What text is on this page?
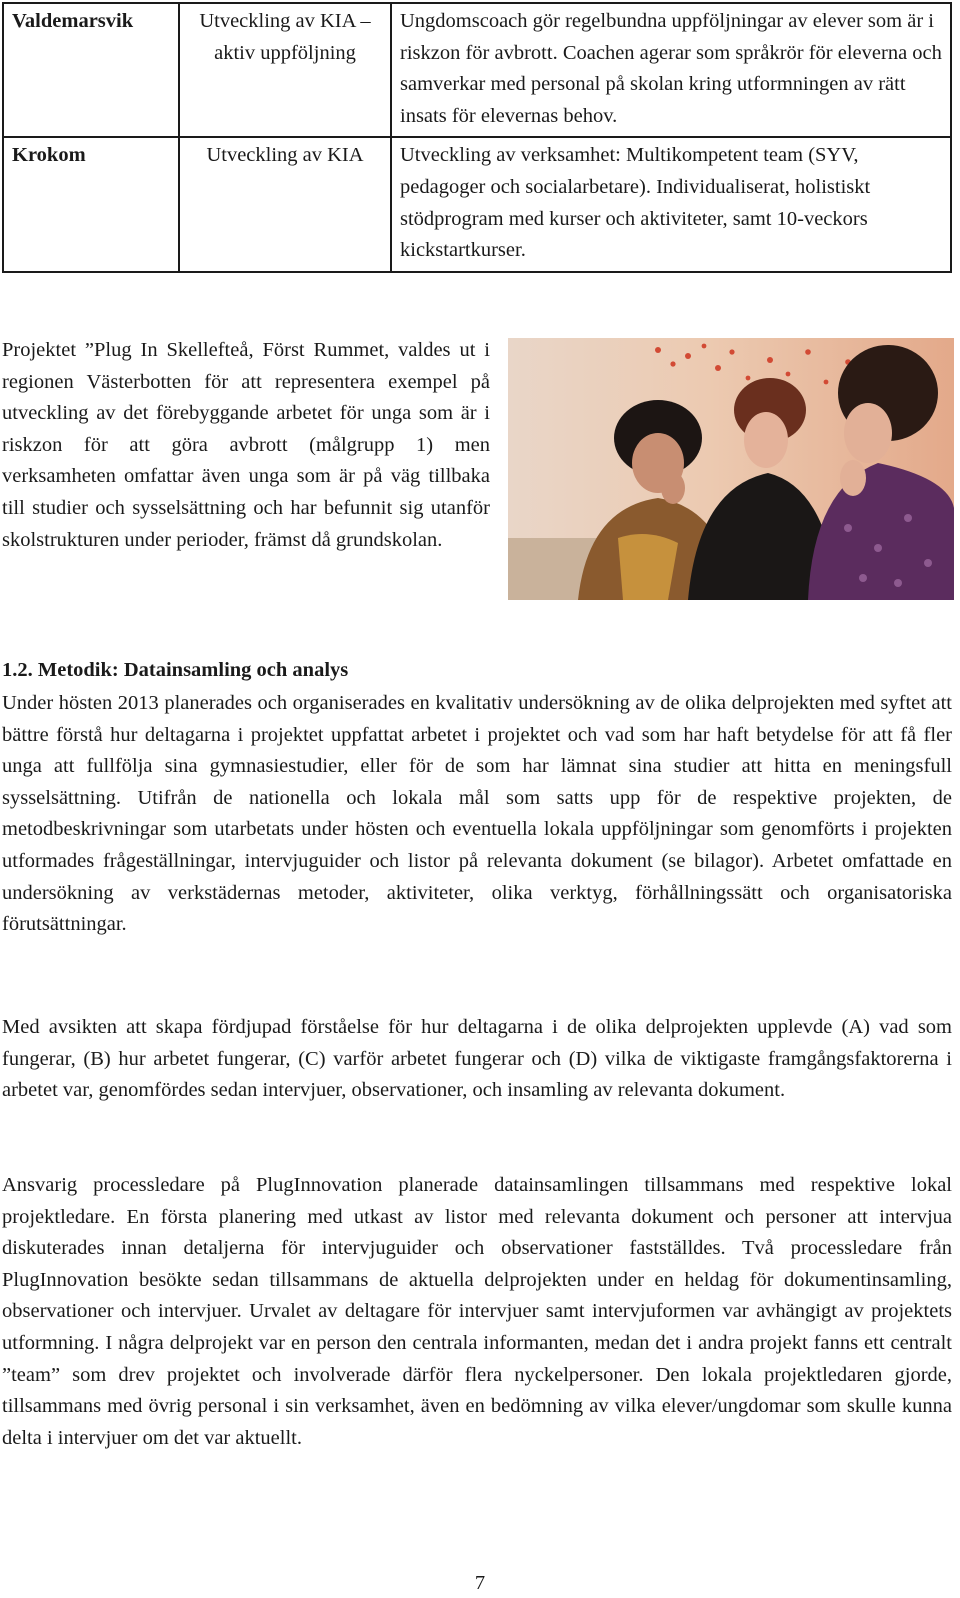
Valdemarsvik	Utveckling av KIA –aktiv uppföljning	Ungdomscoach gör regelbundna uppföljningar av elever som är i riskzon för avbrott. Coachen agerar som språkrör för eleverna och samverkar med personal på skolan kring utformningen av rätt insats för elevernas behov.
Krokom	Utveckling av KIA	Utveckling av verksamhet: Multikompetent team (SYV, pedagoger och socialarbetare). Individualiserat, holistiskt stödprogram med kurser och aktiviteter, samt 10-veckors kickstartkurser.
Projektet ”Plug In Skellefteå, Först Rummet, valdes ut i regionen Västerbotten för att representera exempel på utveckling av det förebyggande arbetet för unga som är i riskzon för att göra avbrott (målgrupp 1) men verksamheten omfattar även unga som är på väg tillbaka till studier och sysselsättning och har befunnit sig utanför skolstrukturen under perioder, främst då grundskolan.
1.2. Metodik: Datainsamling och analys

Under hösten 2013 planerades och organiserades en kvalitativ undersökning av de olika delprojekten med syftet att bättre förstå hur deltagarna i projektet uppfattat arbetet i projektet och vad som har haft betydelse för att få fler unga att fullfölja sina gymnasiestudier, eller för de som har lämnat sina studier att hitta en meningsfull sysselsättning. Utifrån de nationella och lokala mål som satts upp för de respektive projekten, de metodbeskrivningar som utarbetats under hösten och eventuella lokala uppföljningar som genomförts i projekten utformades frågeställningar, intervjuguider och listor på relevanta dokument (se bilagor). Arbetet omfattade en undersökning av verkstädernas metoder, aktiviteter, olika verktyg, förhållningssätt och organisatoriska förutsättningar.

Med avsikten att skapa fördjupad förståelse för hur deltagarna i de olika delprojekten upplevde (A) vad som fungerar, (B) hur arbetet fungerar, (C) varför arbetet fungerar och (D) vilka de viktigaste framgångsfaktorerna i arbetet var, genomfördes sedan intervjuer, observationer, och insamling av relevanta dokument.

Ansvarig processledare på PlugInnovation planerade datainsamlingen tillsammans med respektive lokal projektledare. En första planering med utkast av listor med relevanta dokument och personer att intervjua diskuterades innan detaljerna för intervjuguider och observationer fastställdes. Två processledare från PlugInnovation besökte sedan tillsammans de aktuella delprojekten under en heldag för dokumentinsamling, observationer och intervjuer. Urvalet av deltagare för intervjuer samt intervjuformen var avhängigt av projektets utformning. I några delprojekt var en person den centrala informanten, medan det i andra projekt fanns ett centralt ”team” som drev projektet och involverade därför flera nyckelpersoner. Den lokala projektledaren gjorde, tillsammans med övrig personal i sin verksamhet, även en bedömning av vilka elever/ungdomar som skulle kunna delta i intervjuer om det var aktuellt.

7
